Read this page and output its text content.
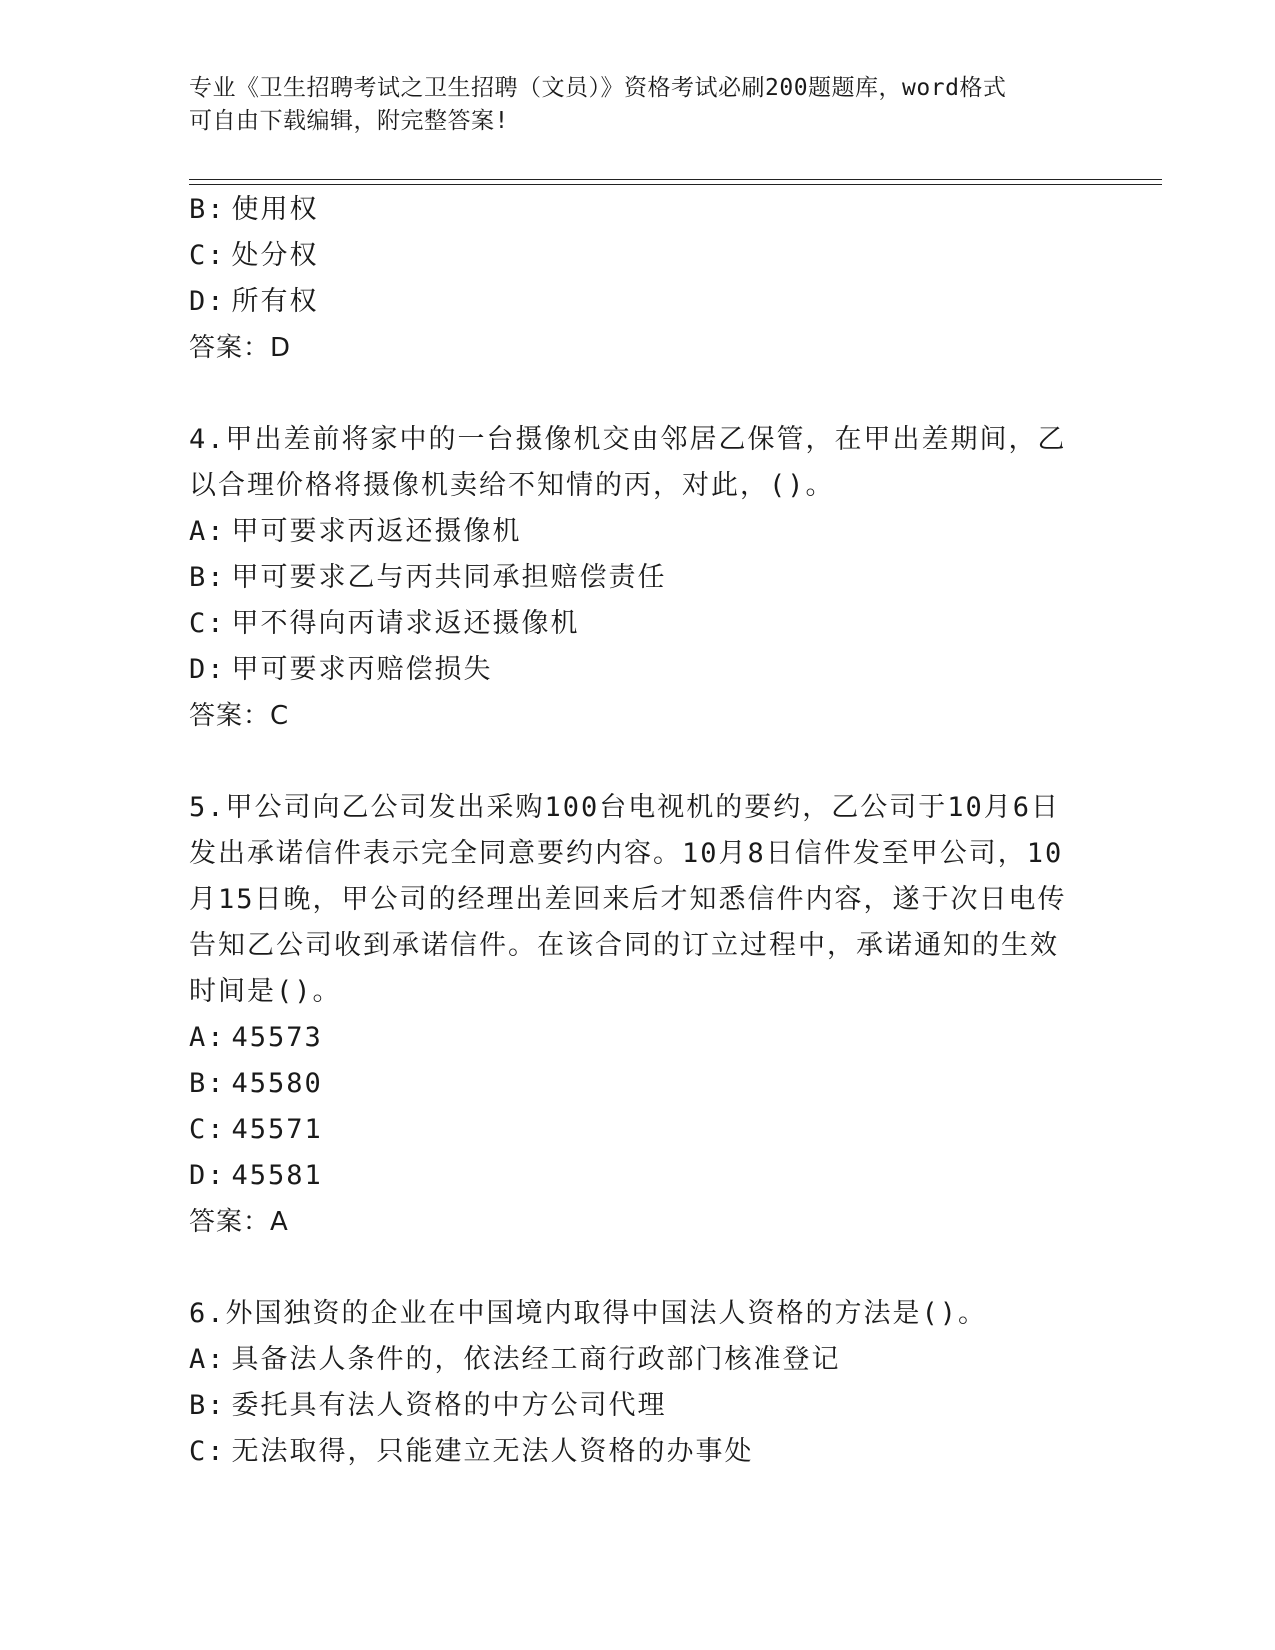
专业《卫生招聘考试之卫生招聘（文员）》资格考试必刷200题题库，word格式
可自由下载编辑，附完整答案!
B: 使用权
C: 处分权
D: 所有权
答案：D
4.甲出差前将家中的一台摄像机交由邻居乙保管，在甲出差期间，乙
以合理价格将摄像机卖给不知情的丙，对此，()。
A: 甲可要求丙返还摄像机
B: 甲可要求乙与丙共同承担赔偿责任
C: 甲不得向丙请求返还摄像机
D: 甲可要求丙赔偿损失
答案：C
5.甲公司向乙公司发出采购100台电视机的要约，乙公司于10月6日
发出承诺信件表示完全同意要约内容。10月8日信件发至甲公司，10
月15日晚，甲公司的经理出差回来后才知悉信件内容，遂于次日电传
告知乙公司收到承诺信件。在该合同的订立过程中，承诺通知的生效
时间是()。
A: 45573
B: 45580
C: 45571
D: 45581
答案：A
6.外国独资的企业在中国境内取得中国法人资格的方法是()。
A: 具备法人条件的，依法经工商行政部门核准登记
B: 委托具有法人资格的中方公司代理
C: 无法取得，只能建立无法人资格的办事处
